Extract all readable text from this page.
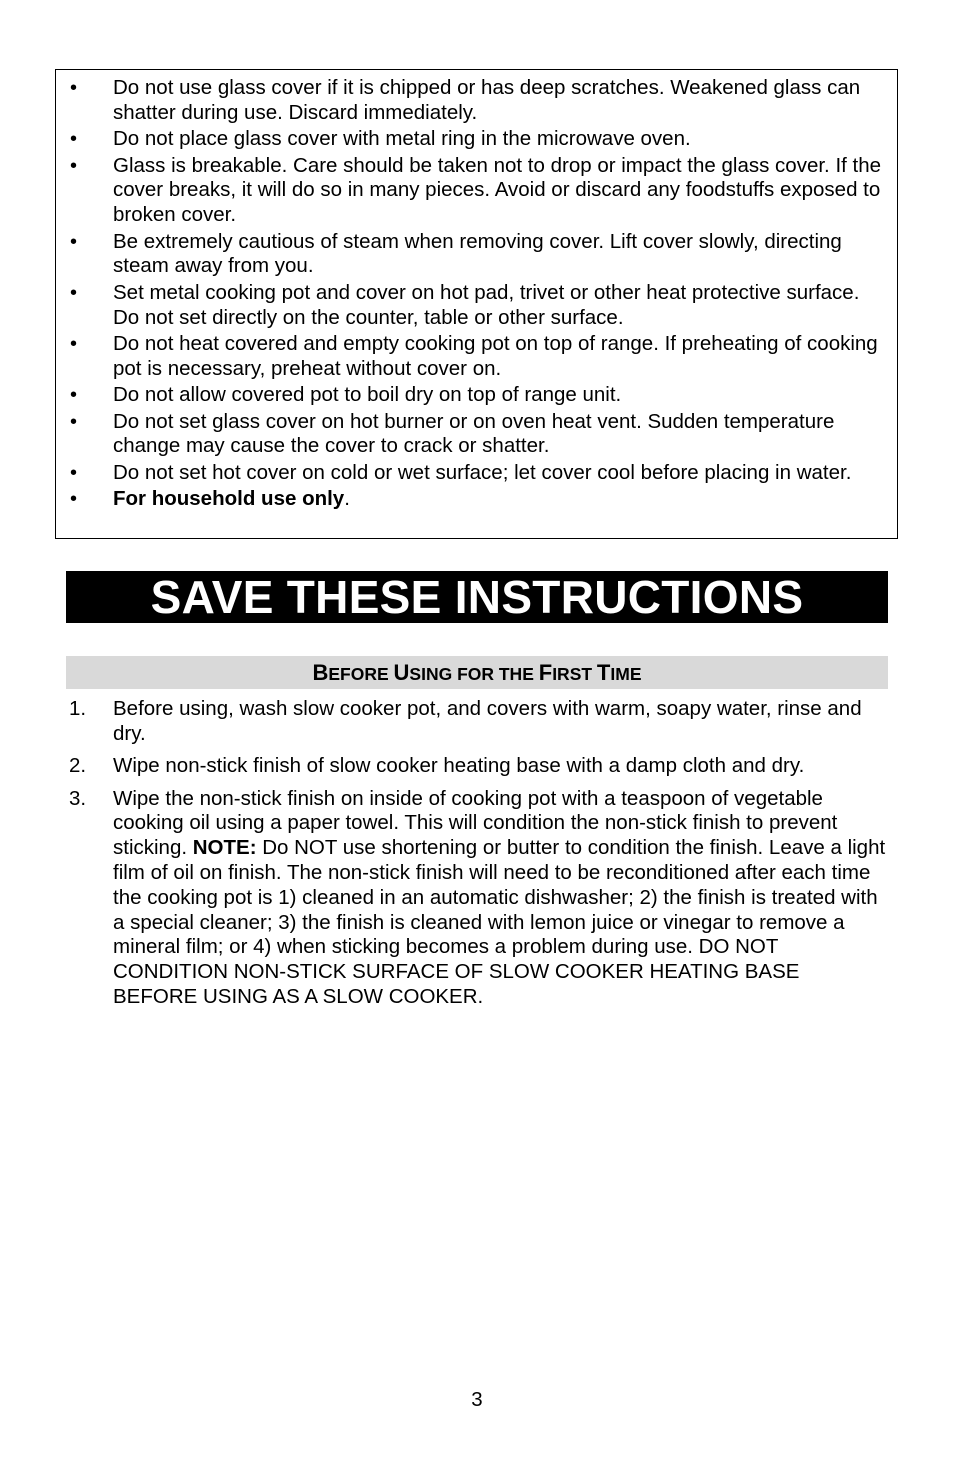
• Do not use glass cover if it is chipped or has deep scratches. Weakened glass can shatter during use. Discard immediately.
• Do not place glass cover with metal ring in the microwave oven.
• Glass is breakable. Care should be taken not to drop or impact the glass cover. If the cover breaks, it will do so in many pieces. Avoid or discard any foodstuffs exposed to broken cover.
• Be extremely cautious of steam when removing cover. Lift cover slowly, directing steam away from you.
• Set metal cooking pot and cover on hot pad, trivet or other heat protective surface. Do not set directly on the counter, table or other surface.
• Do not heat covered and empty cooking pot on top of range. If preheating of cooking pot is necessary, preheat without cover on.
• Do not allow covered pot to boil dry on top of range unit.
• Do not set glass cover on hot burner or on oven heat vent. Sudden temperature change may cause the cover to crack or shatter.
• Do not set hot cover on cold or wet surface; let cover cool before placing in water.
• For household use only.
SAVE THESE INSTRUCTIONS
BEFORE USING FOR THE FIRST TIME
1. Before using, wash slow cooker pot, and covers with warm, soapy water, rinse and dry.
2. Wipe non-stick finish of slow cooker heating base with a damp cloth and dry.
3. Wipe the non-stick finish on inside of cooking pot with a teaspoon of vegetable cooking oil using a paper towel. This will condition the non-stick finish to prevent sticking. NOTE: Do NOT use shortening or butter to condition the finish. Leave a light film of oil on finish. The non-stick finish will need to be reconditioned after each time the cooking pot is 1) cleaned in an automatic dishwasher; 2) the finish is treated with a special cleaner; 3) the finish is cleaned with lemon juice or vinegar to remove a mineral film; or 4) when sticking becomes a problem during use. DO NOT CONDITION NON-STICK SURFACE OF SLOW COOKER HEATING BASE BEFORE USING AS A SLOW COOKER.
3
